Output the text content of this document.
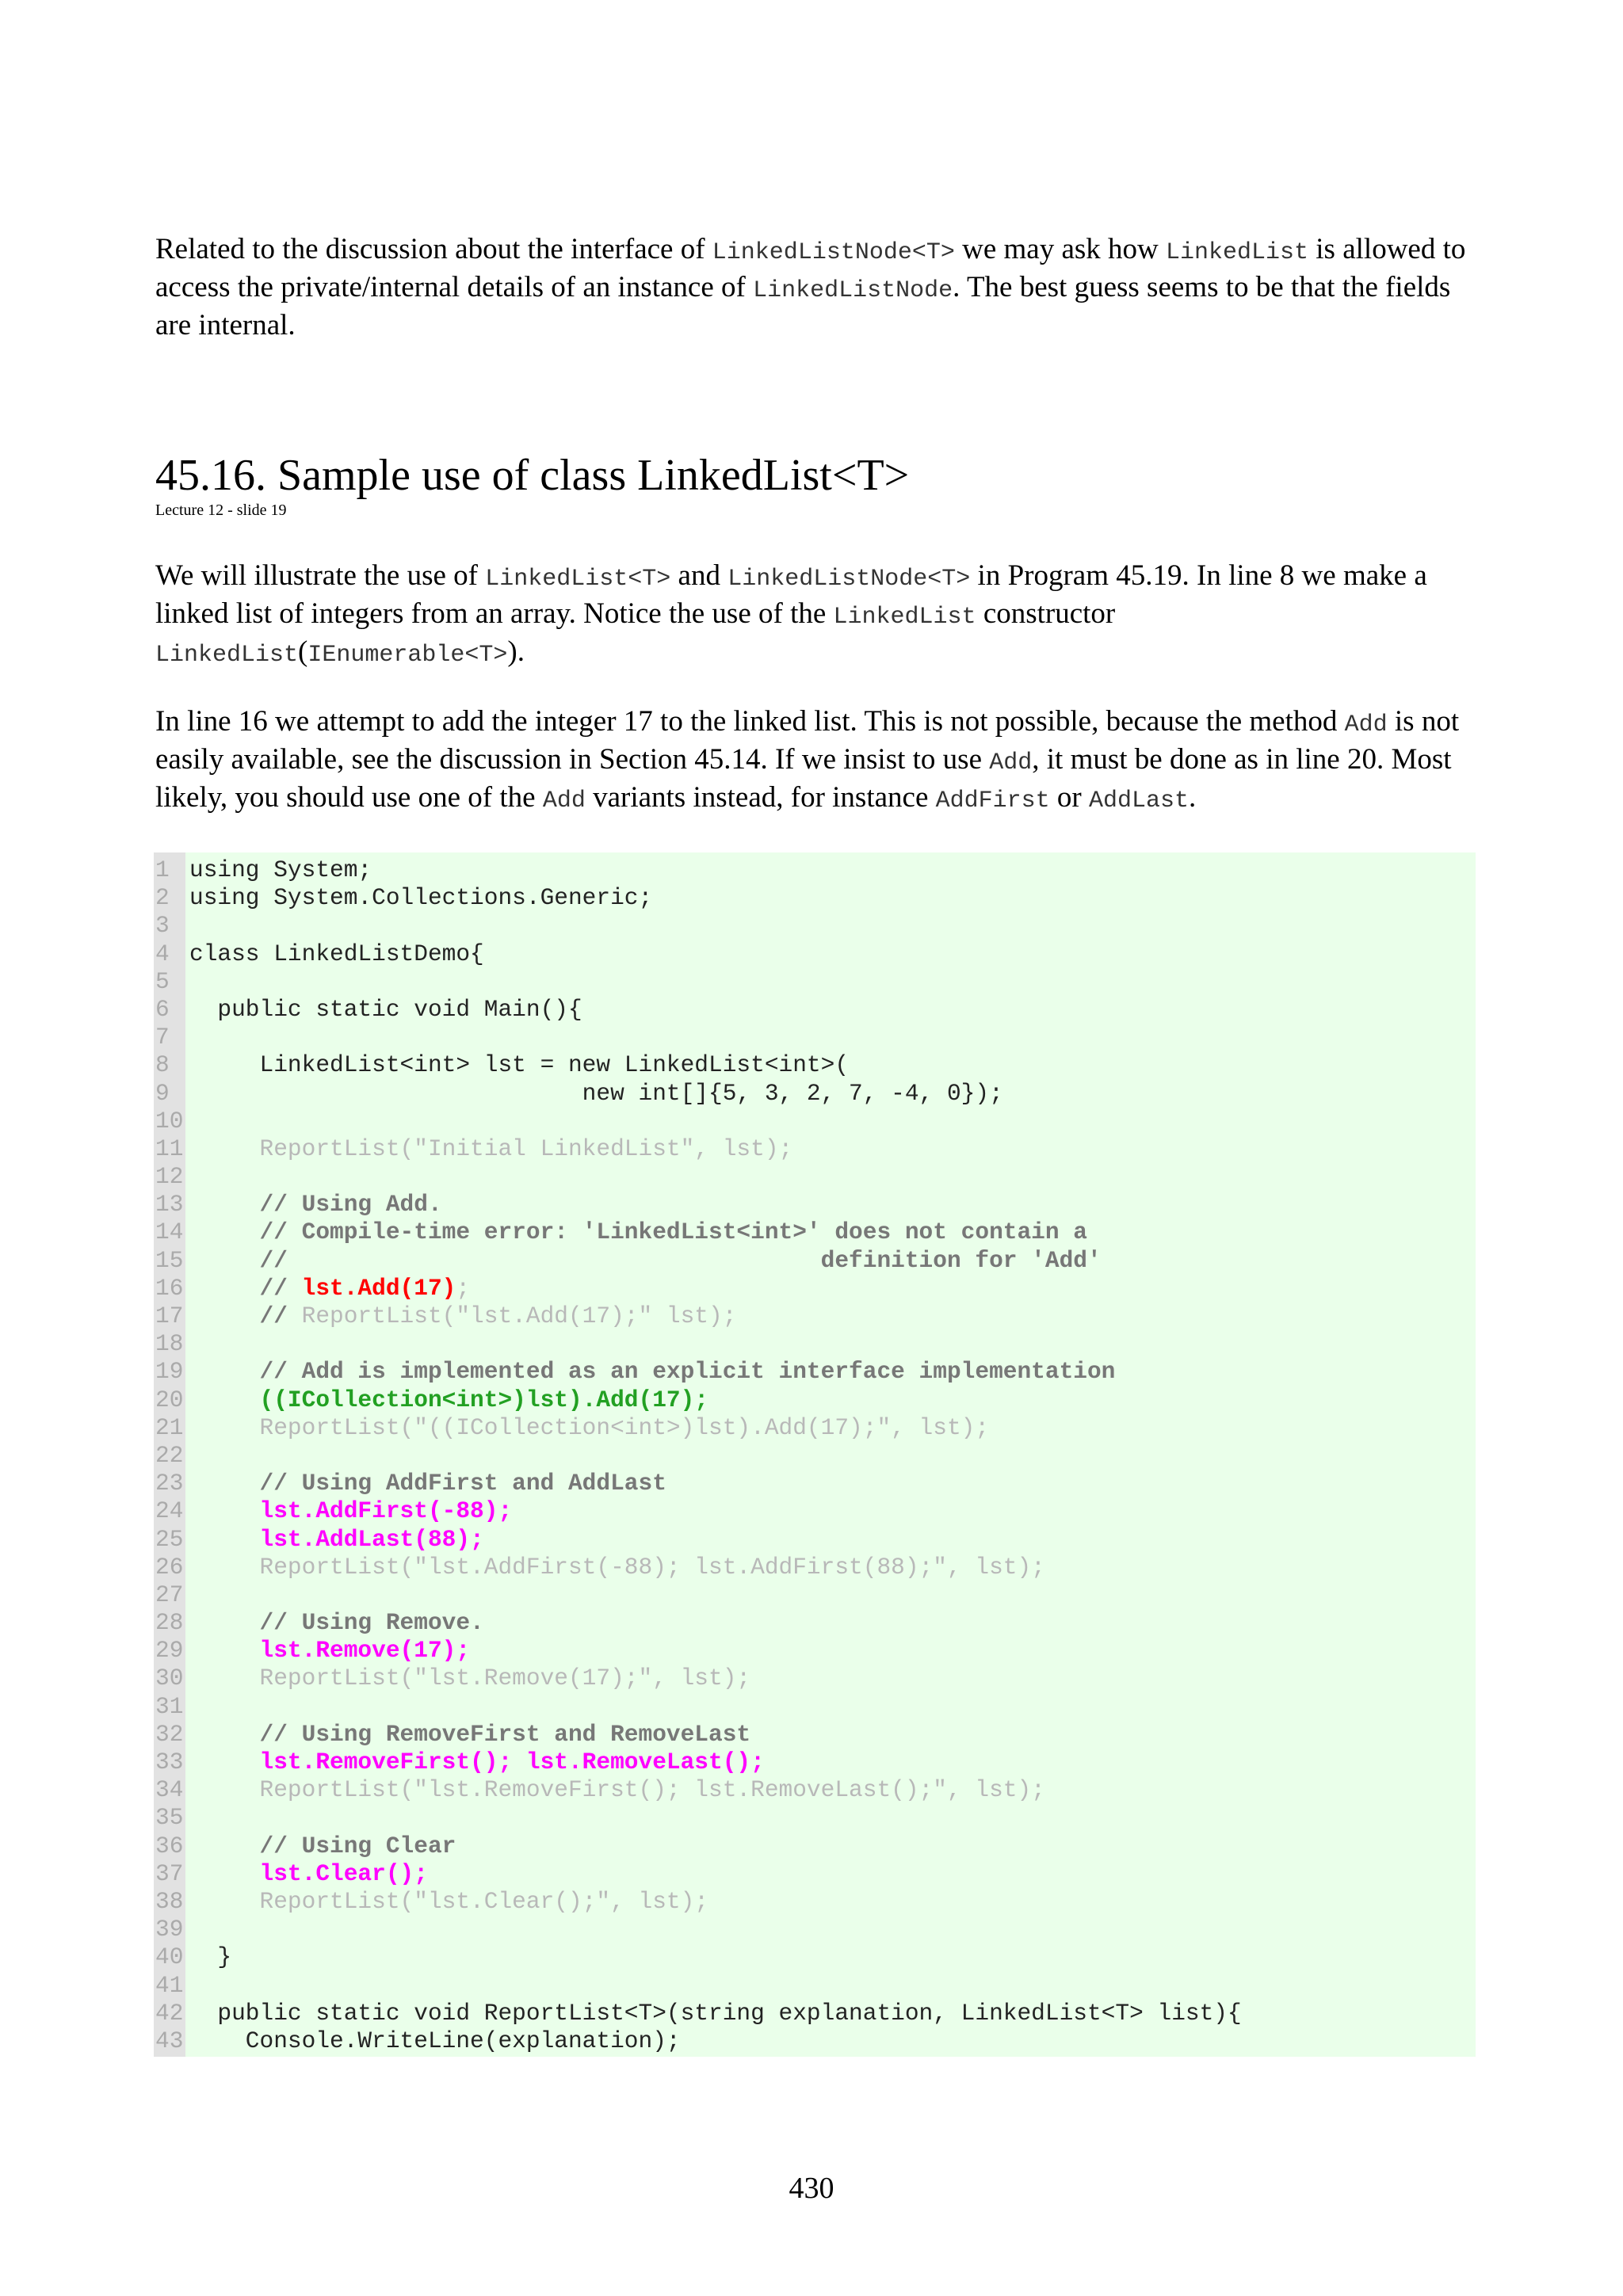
Related to the discussion about the interface of LinkedListNode<T> we may ask how LinkedList is allowed to access the private/internal details of an instance of LinkedListNode. The best guess seems to be that the fields are internal.

45.16. Sample use of class LinkedList<T>
Lecture 12 - slide 19

We will illustrate the use of LinkedList<T> and LinkedListNode<T> in Program 45.19. In line 8 we make a linked list of integers from an array. Notice the use of the LinkedList constructor LinkedList(IEnumerable<T>).

In line 16 we attempt to add the integer 17 to the linked list. This is not possible, because the method Add is not easily available, see the discussion in Section 45.14. If we insist to use Add, it must be done as in line 20. Most likely, you should use one of the Add variants instead, for instance AddFirst or AddLast.

1 using System;
2 using System.Collections.Generic;
3
4 class LinkedListDemo{
5
6  public static void Main(){
7
8     LinkedList<int> lst = new LinkedList<int>(
9                            new int[]{5, 3, 2, 7, -4, 0});
10
11     ReportList("Initial LinkedList", lst);
12
13     // Using Add.
14     // Compile-time error: 'LinkedList<int>' does not contain a
15     //                                      definition for 'Add'
16     // lst.Add(17);
17     // ReportList("lst.Add(17);" lst);
18
19     // Add is implemented as an explicit interface implementation
20     ((ICollection<int>)lst).Add(17);
21     ReportList("((ICollection<int>)lst).Add(17);", lst);
22
23     // Using AddFirst and AddLast
24     lst.AddFirst(-88);
25     lst.AddLast(88);
26     ReportList("lst.AddFirst(-88); lst.AddFirst(88);", lst);
27
28     // Using Remove.
29     lst.Remove(17);
30     ReportList("lst.Remove(17);", lst);
31
32     // Using RemoveFirst and RemoveLast
33     lst.RemoveFirst(); lst.RemoveLast();
34     ReportList("lst.RemoveFirst(); lst.RemoveLast();", lst);
35
36     // Using Clear
37     lst.Clear();
38     ReportList("lst.Clear();", lst);
39
40  }
41
42  public static void ReportList<T>(string explanation, LinkedList<T> list){
43    Console.WriteLine(explanation);
430
